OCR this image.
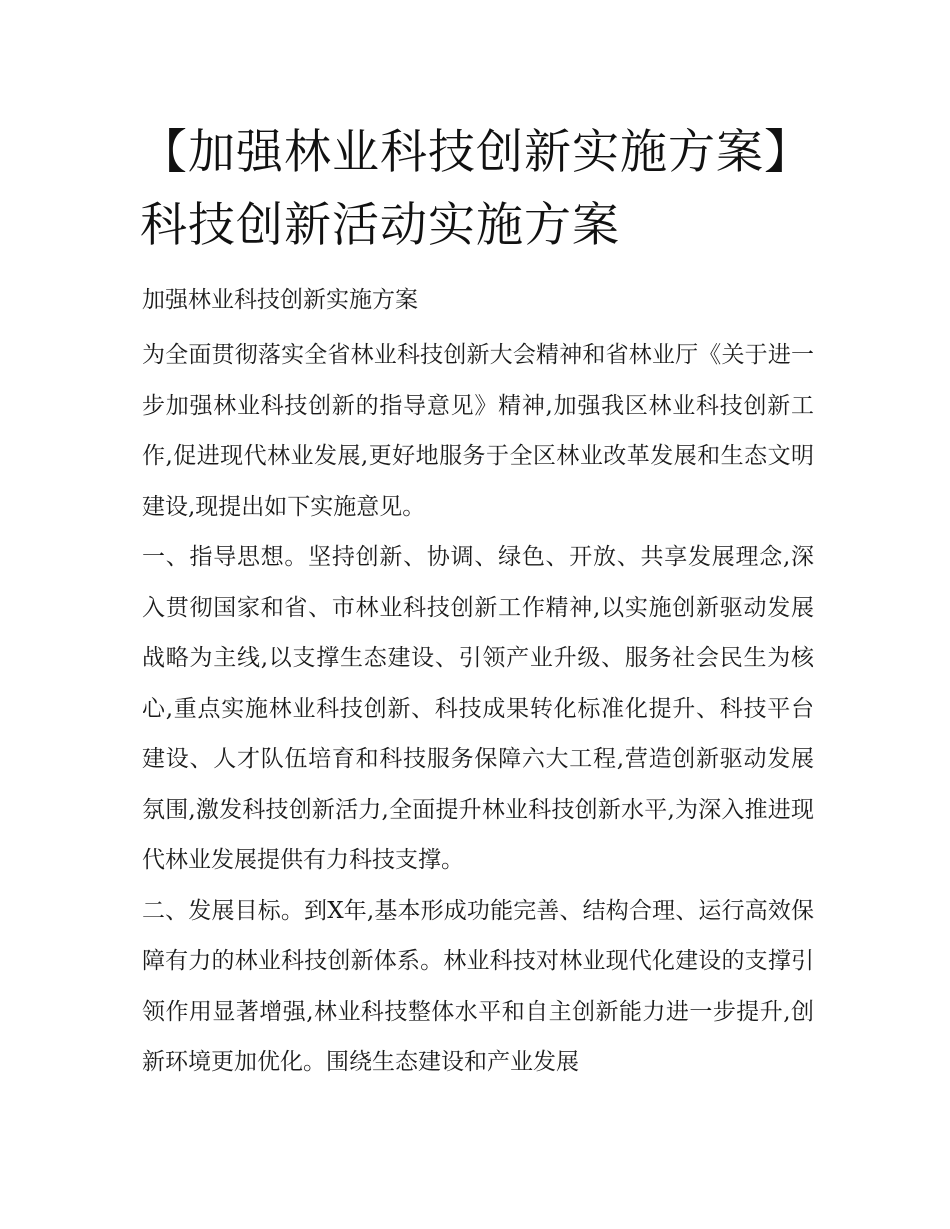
【加强林业科技创新实施方案】科技创新活动实施方案
加强林业科技创新实施方案

为全面贯彻落实全省林业科技创新大会精神和省林业厅《关于进一步加强林业科技创新的指导意见》精神,加强我区林业科技创新工作,促进现代林业发展,更好地服务于全区林业改革发展和生态文明建设,现提出如下实施意见。

一、指导思想。坚持创新、协调、绿色、开放、共享发展理念,深入贯彻国家和省、市林业科技创新工作精神,以实施创新驱动发展战略为主线,以支撑生态建设、引领产业升级、服务社会民生为核心,重点实施林业科技创新、科技成果转化标准化提升、科技平台建设、人才队伍培育和科技服务保障六大工程,营造创新驱动发展氛围,激发科技创新活力,全面提升林业科技创新水平,为深入推进现代林业发展提供有力科技支撑。

二、发展目标。到X年,基本形成功能完善、结构合理、运行高效保障有力的林业科技创新体系。林业科技对林业现代化建设的支撑引领作用显著增强,林业科技整体水平和自主创新能力进一步提升,创新环境更加优化。围绕生态建设和产业发展
